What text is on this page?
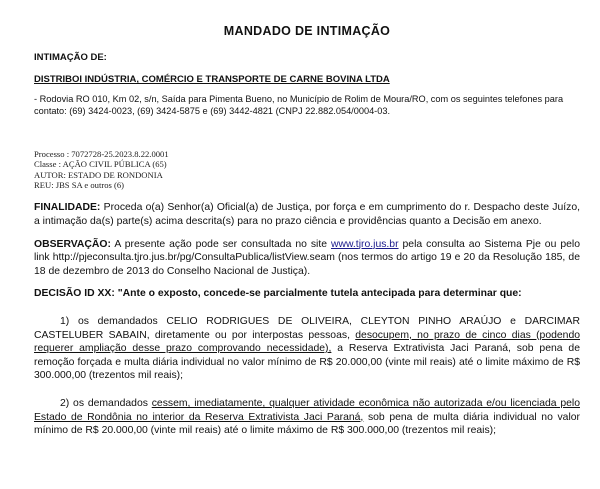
MANDADO DE INTIMAÇÃO
INTIMAÇÃO DE:
DISTRIBOI INDÚSTRIA, COMÉRCIO E TRANSPORTE DE CARNE BOVINA LTDA
- Rodovia RO 010, Km 02, s/n, Saída para Pimenta Bueno, no Município de Rolim de Moura/RO, com os seguintes telefones para contato: (69) 3424-0023, (69) 3424-5875 e (69) 3442-4821 (CNPJ 22.882.054/0004-03.
Processo : 7072728-25.2023.8.22.0001
Classe : AÇÃO CIVIL PÚBLICA (65)
AUTOR: ESTADO DE RONDONIA
REU: JBS SA e outros (6)
FINALIDADE: Proceda o(a) Senhor(a) Oficial(a) de Justiça, por força e em cumprimento do r. Despacho deste Juízo, a intimação da(s) parte(s) acima descrita(s) para no prazo ciência e providências quanto a Decisão em anexo.
OBSERVAÇÃO: A presente ação pode ser consultada no site www.tjro.jus.br pela consulta ao Sistema Pje ou pelo link http://pjeconsulta.tjro.jus.br/pg/ConsultaPublica/listView.seam (nos termos do artigo 19 e 20 da Resolução 185, de 18 de dezembro de 2013 do Conselho Nacional de Justiça).
DECISÃO ID XX: "Ante o exposto, concede-se parcialmente tutela antecipada para determinar que:
1) os demandados CELIO RODRIGUES DE OLIVEIRA, CLEYTON PINHO ARAÚJO e DARCIMAR CASTELUBER SABAIN, diretamente ou por interpostas pessoas, desocupem, no prazo de cinco dias (podendo requerer ampliação desse prazo comprovando necessidade), a Reserva Extrativista Jaci Paraná, sob pena de remoção forçada e multa diária individual no valor mínimo de R$ 20.000,00 (vinte mil reais) até o limite máximo de R$ 300.000,00 (trezentos mil reais);
2) os demandados cessem, imediatamente, qualquer atividade econômica não autorizada e/ou licenciada pelo Estado de Rondônia no interior da Reserva Extrativista Jaci Paraná, sob pena de multa diária individual no valor mínimo de R$ 20.000,00 (vinte mil reais) até o limite máximo de R$ 300.000,00 (trezentos mil reais);
